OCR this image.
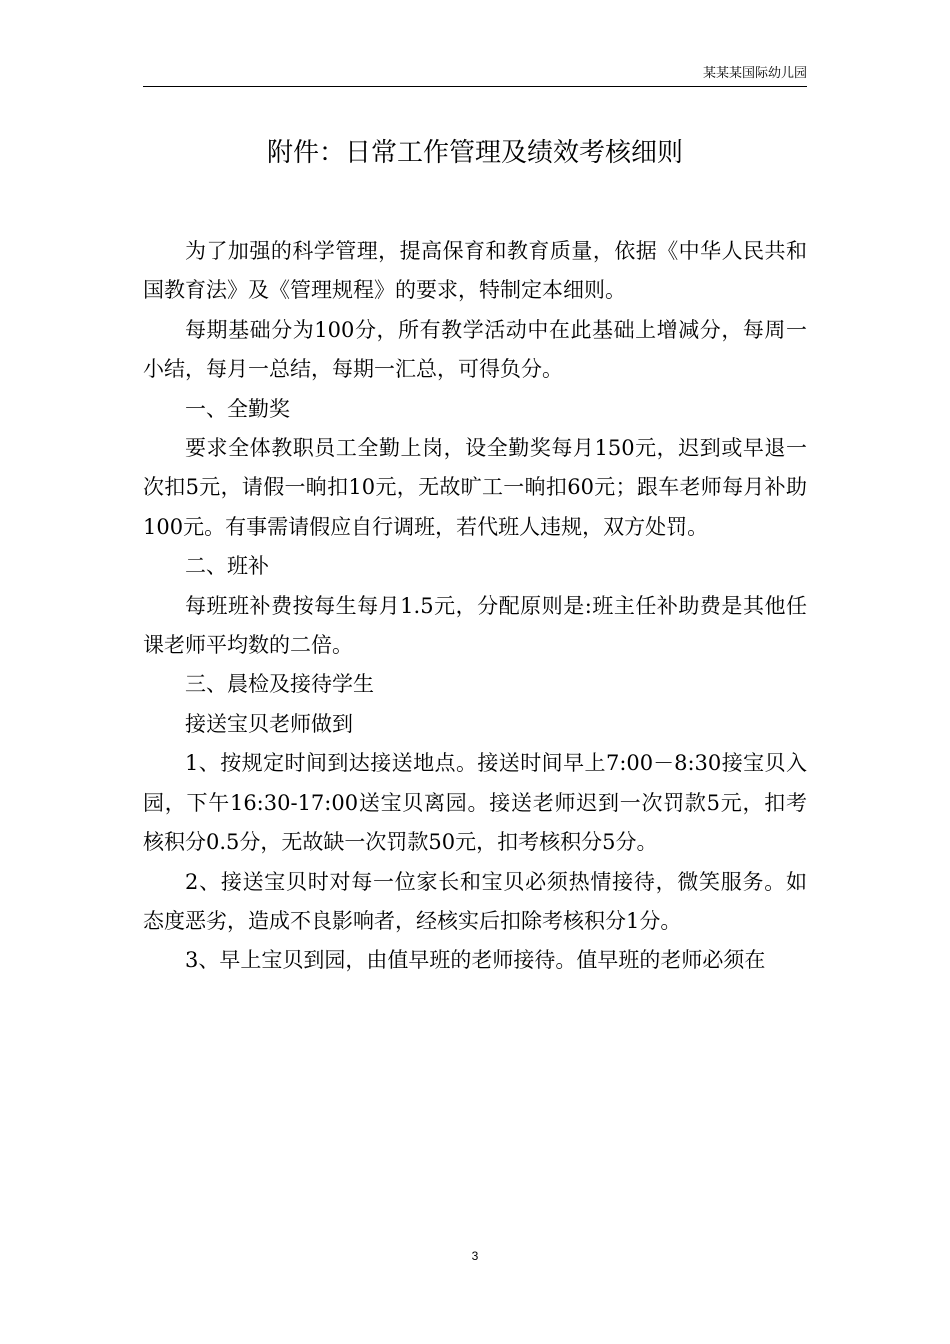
某某某国际幼儿园
附件：日常工作管理及绩效考核细则

为了加强的科学管理，提高保育和教育质量，依据《中华人民共和国教育法》及《管理规程》的要求，特制定本细则。

每期基础分为100分，所有教学活动中在此基础上增减分，每周一小结，每月一总结，每期一汇总，可得负分。

一、全勤奖

要求全体教职员工全勤上岗，设全勤奖每月150元，迟到或早退一次扣5元，请假一晌扣10元，无故旷工一晌扣60元；跟车老师每月补助100元。有事需请假应自行调班，若代班人违规，双方处罚。

二、班补

每班班补费按每生每月1.5元，分配原则是:班主任补助费是其他任课老师平均数的二倍。

三、晨检及接待学生

接送宝贝老师做到

1、按规定时间到达接送地点。接送时间早上7:00－8:30接宝贝入园，下午16:30-17:00送宝贝离园。接送老师迟到一次罚款5元，扣考核积分0.5分，无故缺一次罚款50元，扣考核积分5分。

2、接送宝贝时对每一位家长和宝贝必须热情接待，微笑服务。如态度恶劣，造成不良影响者，经核实后扣除考核积分1分。

3、早上宝贝到园，由值早班的老师接待。值早班的老师必须在

3
